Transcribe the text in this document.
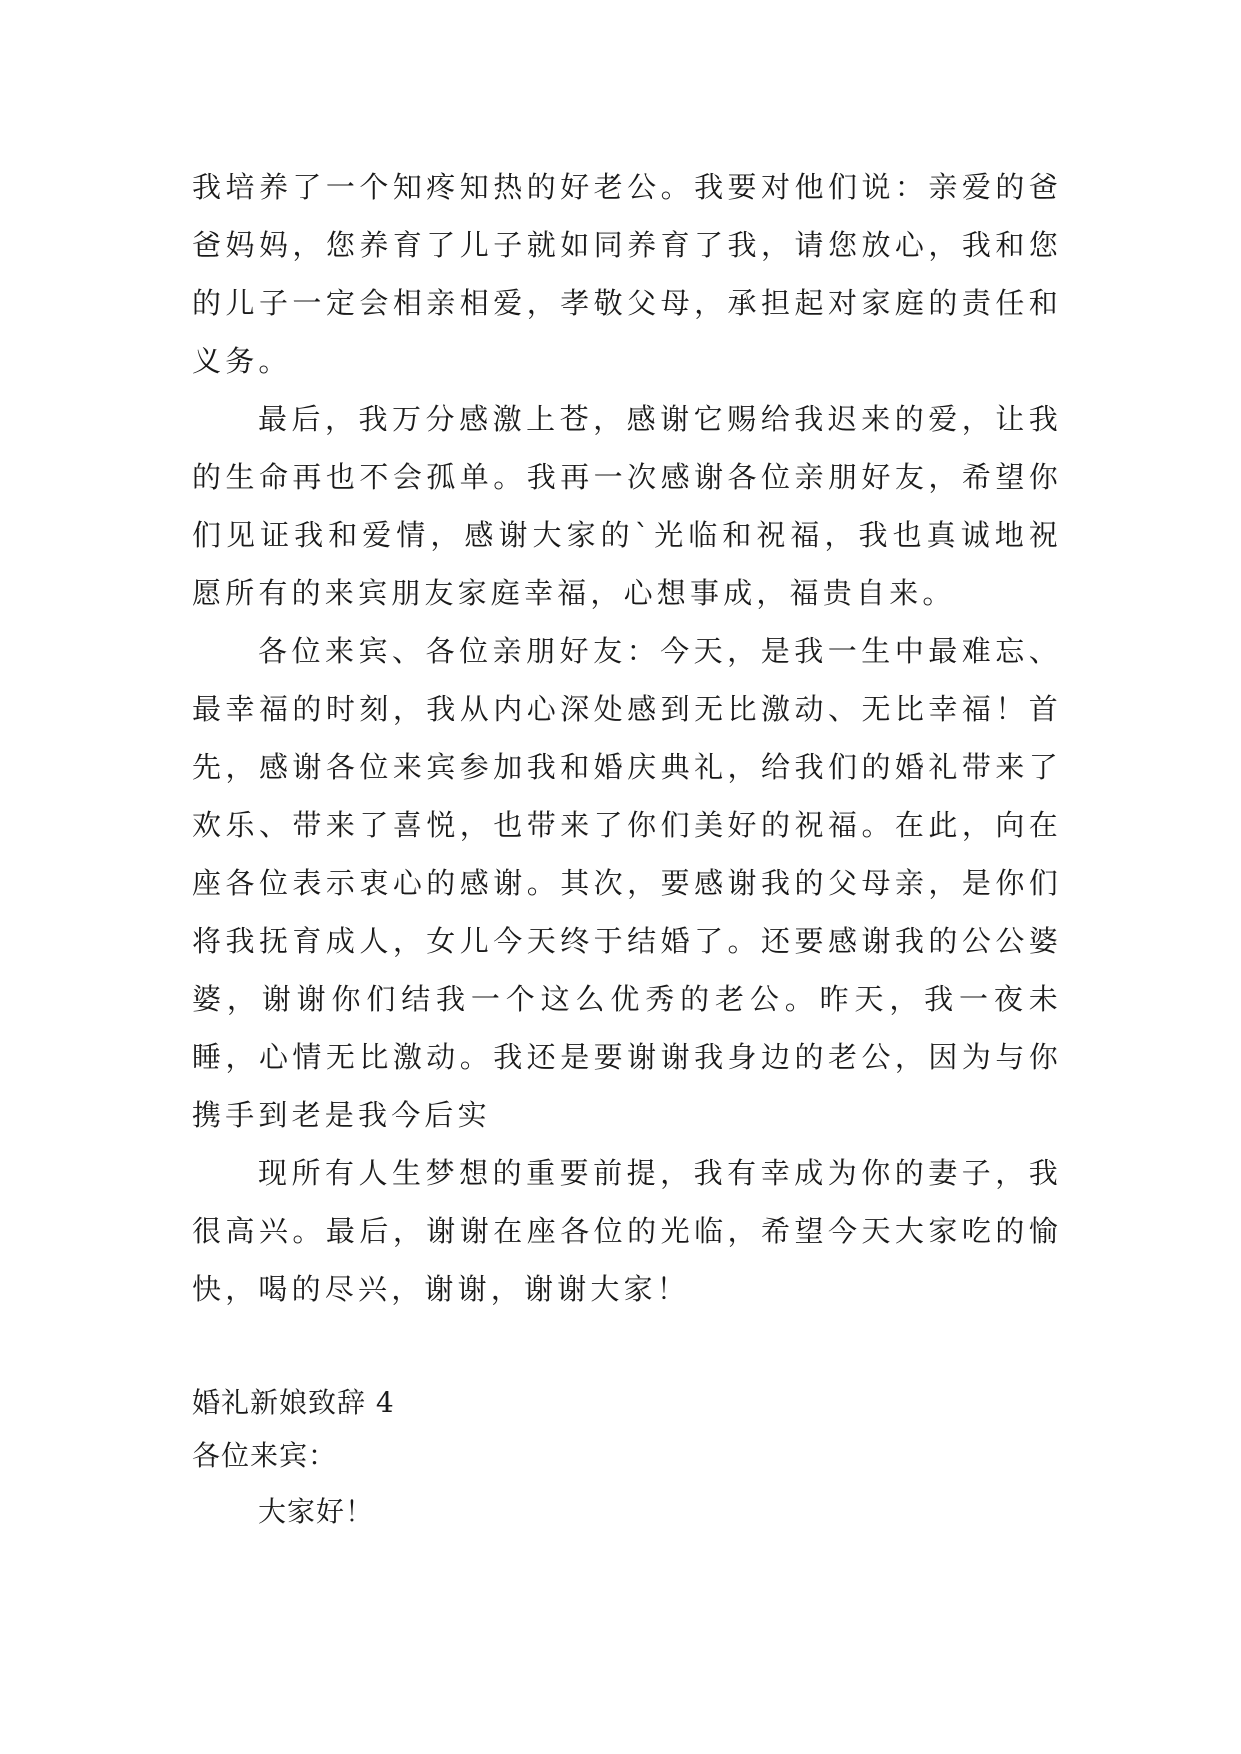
我培养了一个知疼知热的好老公。我要对他们说：亲爱的爸爸妈妈，您养育了儿子就如同养育了我，请您放心，我和您的儿子一定会相亲相爱，孝敬父母，承担起对家庭的责任和义务。

最后，我万分感激上苍，感谢它赐给我迟来的爱，让我的生命再也不会孤单。我再一次感谢各位亲朋好友，希望你们见证我和爱情，感谢大家的`光临和祝福，我也真诚地祝愿所有的来宾朋友家庭幸福，心想事成，福贵自来。

各位来宾、各位亲朋好友：今天，是我一生中最难忘、最幸福的时刻，我从内心深处感到无比激动、无比幸福！首先，感谢各位来宾参加我和婚庆典礼，给我们的婚礼带来了欢乐、带来了喜悦，也带来了你们美好的祝福。在此，向在座各位表示衷心的感谢。其次，要感谢我的父母亲，是你们将我抚育成人，女儿今天终于结婚了。还要感谢我的公公婆婆，谢谢你们结我一个这么优秀的老公。昨天，我一夜未睡，心情无比激动。我还是要谢谢我身边的老公，因为与你携手到老是我今后实

现所有人生梦想的重要前提，我有幸成为你的妻子，我很高兴。最后，谢谢在座各位的光临，希望今天大家吃的愉快，喝的尽兴，谢谢，谢谢大家！

婚礼新娘致辞 4

各位来宾：

大家好！
